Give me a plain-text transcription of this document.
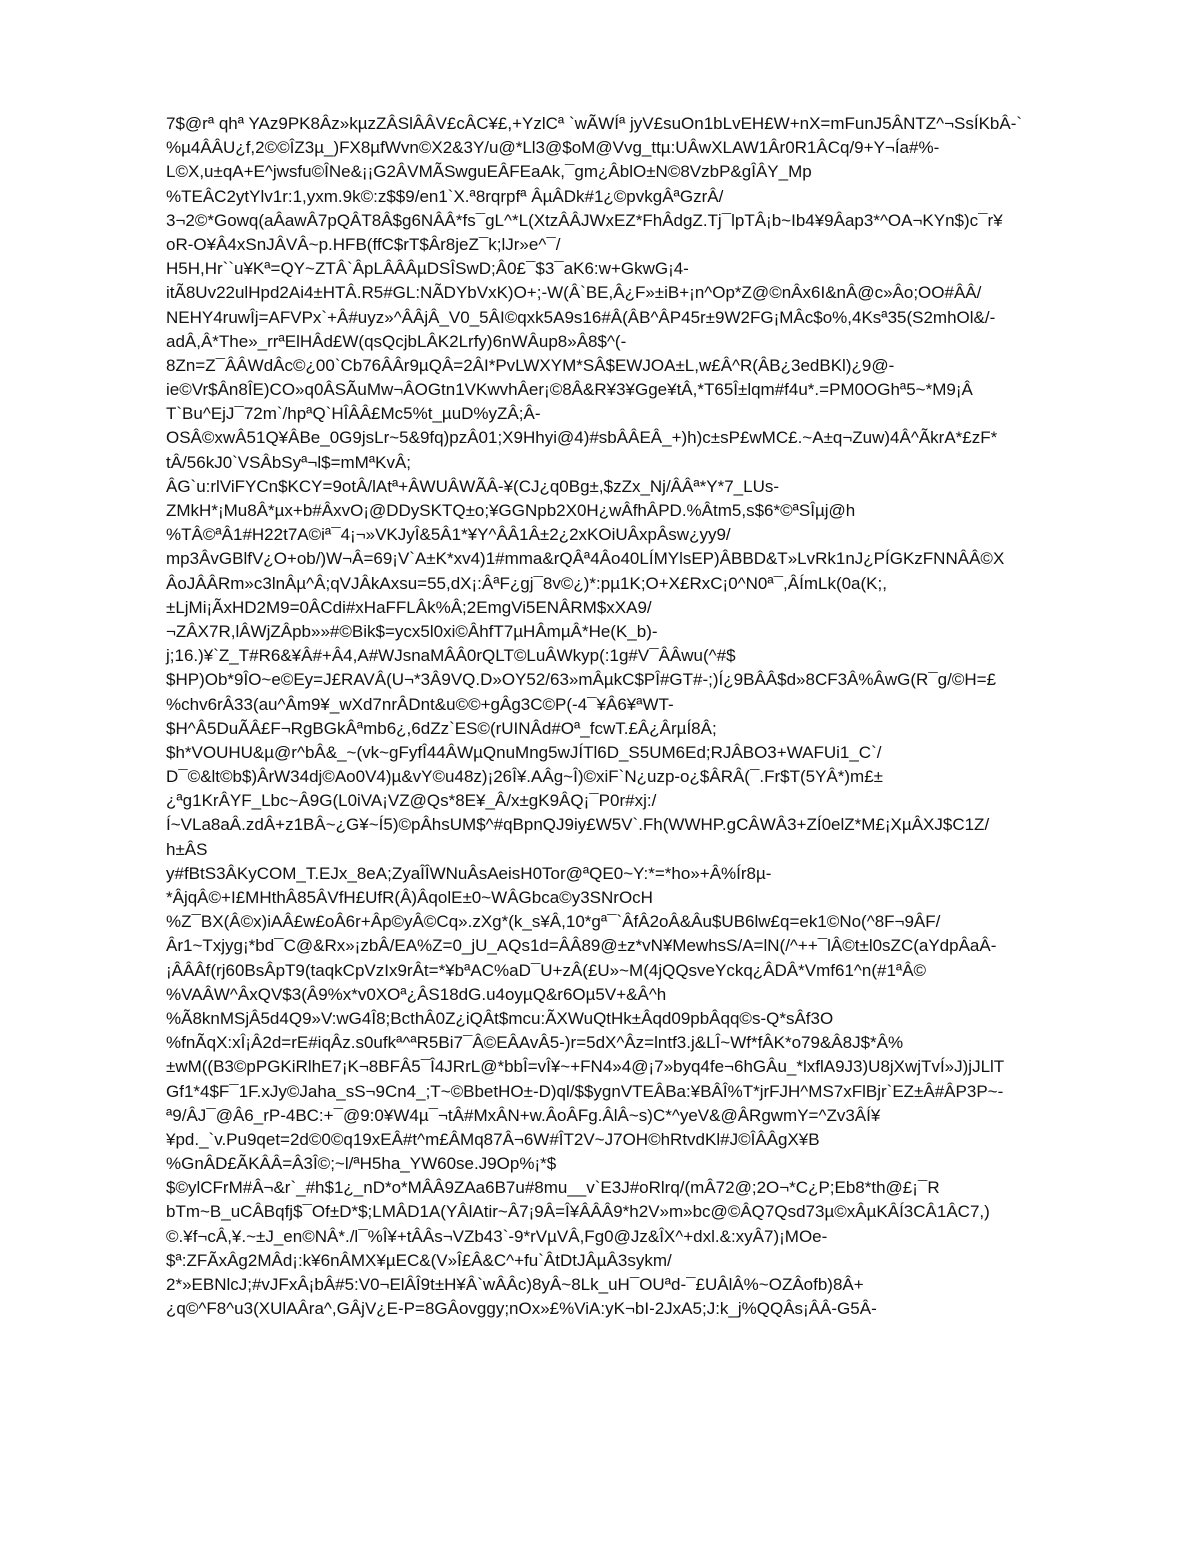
7$@rª qhª YAz9PK8Âz»kµzZÂSlÂÂV£cÂC¥£,+YzlCª `wÃWÍª jyV£suOn1bLvEH£W+nX=mFunJ5ÂNTZ^¬SsÍKbÂ-`
%µ4ÂÂU¿f,2©©ÎZ3µ_)FX8µfWvn©X2&3Y/u@*Ll3@$oM@Vvg_ttµ:UÂwXLAW1Âr0R1ÂCq/9+Y¬Ía#%-
L©X,u±qA+E^jwsfu©ÎNe&¡¡G2ÂVMÃSwguEÂFEaAk,¯gm¿ÂblO±N©8VzbP&gÎÂY_Mp
%TEÂC2ytYlv1r:1,yxm.9k©:z$$9/en1`X.ª8rqrpfª ÂµÂDk#1¿©pvkgÂªGzrÂ/
3¬2©*Gowq(aÂawÂ7pQÂT8Â$g6NÂÂ*fs¯gL^*L(XtzÂÂJWxEZ*FhÂdgZ.Tj¯lpTÂ¡b~Ib4¥9Âap3*^OA¬KYn$)c¯r¥
oR-O¥Â4xSnJÂVÂ~p.HFB(ffC$rT$Âr8jeZ¯k;lJr»e^¯/
H5H,Hr``u¥Kª=QY~ZTÂ`ÂpLÂÂÂµDSÎSwD;Â0£¯$3¯aK6:w+GkwG¡4-
itÃ8Uv22ulHpd2Ai4±HTÂ.R5#GL:NÃDYbVxK)O+;-W(Â`BE,Â¿F»±iB+¡n^Op*Z@©nÂx6I&nÂ@c»Âo;OO#ÂÂ/
NEHY4ruwÎj=AFVPx`+Â#uyz»^ÂÂjÂ_V0_5ÂI©qxk5A9s16#Â(ÂB^ÂP45r±9W2FG¡MÂc$o%,4Ksª35(S2mhOl&/-
adÂ,Â*The»_rrªElHÂd£W(qsQcjbLÂK2Lrfy)6nWÂup8»Â8$^(-
8Zn=Z¯ÂÂWdÂc©¿00`Cb76ÂÂr9µQÂ=2ÂI*PvLWXYM*SÂ$EWJOA±L,w£Â^R(ÂB¿3edBKl)¿9@-
ie©Vr$Ân8ÎE)CO»q0ÂSÃuMw¬ÂOGtn1VKwvhÂer¡©8Â&R¥3¥Gge¥tÂ,*T65Î±lqm#f4u*.=PM0OGhª5~*M9¡Â
T`Bu^EjJ¯72m`/hpªQ`HÎÂÂ£Mc5%t_µuD%yZÂ;Â-
OSÂ©xwÂ51Q¥ÂBe_0G9jsLr~5&9fq)pzÂ01;X9Hhyi@4)#sbÂÂEÂ_+)h)c±sP£wMC£.~A±q¬Zuw)4Â^ÃkrA*£zF*
tÂ/56kJ0`VSÂbSyª¬l$=mMªKvÂ;
ÂG`u:rlViFYCn$KCY=9otÂ/lAtª+ÂWUÂWÃÂ-¥(CJ¿q0Bg±,$zZx_Nj/ÂÂª*Y*7_LUs-
ZMkH*¡Mu8Â*µx+b#ÂxvO¡@DDySKTQ±o;¥GGNpb2X0H¿wÂfhÂPD.%Âtm5,s$6*©ªSÎµj@h
%TÂ©ªÂ1#H22t7A©iª¯4¡¬»VKJyÎ&5Â1*¥Y^ÂÂ1Â±2¿2xKOiUÂxpÂsw¿yy9/
mp3ÂvGBlfV¿O+ob/)W¬Â=69¡V`A±K*xv4)1#mma&rQÂª4Âo40LÍMYlsEP)ÂBBD&T»LvRk1nJ¿PÍGKzFNNÂÂ©X
ÂoJÂÂRm»c3lnÂµ^Â;qVJÂkAxsu=55,dX¡:ÂªF¿gj¯8v©¿)*:pµ1K;O+X£RxC¡0^N0ª¯,ÂÍmLk(0a(K;,
±LjMi¡ÃxHD2M9=0ÂCdi#xHaFFLÂk%Â;2EmgVi5ENÂRM$xXA9/
¬ZÂX7R,lÂWjZÂpb»»#©Bik$=ycx5l0xi©ÂhfT7µHÂmµÂ*He(K_b)-
j;16.)¥`Z_T#R6&¥Â#+Â4,A#WJsnaMÂÂ0rQLT©LuÂWkyp(:1g#V¯ÂÂwu(^#$
$HP)Ob*9ÎO~e©Ey=J£RAVÂ(U¬*3Â9VQ.D»OY52/63»mÂµkC$PÎ#GT#-;)Í¿9BÂÂ$d»8CF3Â%ÂwG(R¯g/©H=£
%chv6rÂ33(au^Âm9¥_wXd7nrÂDnt&u©©+gÂg3C©P(-4¯¥Â6¥ªWT-
$H^Â5DuÃÂ£F¬RgBGkÂªmb6¿,6dZz`ES©(rUINÂd#Oª_fcwT.£Â¿ÂrµÍ8Â;
$h*VOUHU&µ@r^bÂ&_~(vk~gFyfÎ44ÂWµQnuMng5wJÍTl6D_S5UM6Ed;RJÂBO3+WAFUi1_C`/
D¯©&lt©b$)ÂrW34dj©Ao0V4)µ&vY©u48z)¡26Î¥.AÂg~Î)©xiF`N¿uzp-o¿$ÂRÂ(¯.Fr$T(5YÂ*)m£±
¿ªg1KrÂYF_Lbc~Â9G(L0iVA¡VZ@Qs*8E¥_Â/x±gK9ÂQ¡¯P0r#xj:/
Í~VLa8aÂ.zdÂ+z1BÂ~¿G¥~Í5)©pÂhsUM$^#qBpnQJ9iy£W5V`.Fh(WWHP.gCÂWÂ3+ZÍ0elZ*M£¡XµÂXJ$C1Z/
h±ÂS
y#fBtS3ÂKyCOM_T.EJx_8eA;ZyaÎÎWNuÂsAeisH0Tor@ªQE0~Y:*=*ho»+Â%Ír8µ-
*ÂjqÂ©+I£MHthÂ85ÂVfH£UfR(Â)ÂqolE±0~WÂGbca©y3SNrOcH
%Z¯BX(Â©x)iAÂ£w£oÂ6r+Âp©yÂ©Cq».zXg*(k_s¥Â,10*gª¯`ÂfÂ2oÂ&Âu$UB6lw£q=ek1©No(^8F¬9ÂF/
Âr1~Txjyg¡*bd¯C@&Rx»¡zbÂ/EA%Z=0_jU_AQs1d=ÂÂ89@±z*vN¥MewhsS/A=lN(/^++¯lÂ©t±l0sZC(aYdpÂaÂ-
¡ÂÂÂf(rj60BsÂpT9(taqkCpVzIx9rÂt=*¥bªAC%aD¯U+zÂ(£U»~M(4jQQsveYckq¿ÂDÂ*Vmf61^n(#1ªÂ©
%VAÂW^ÂxQV$3(Â9%x*v0XOª¿ÂS18dG.u4oyµQ&r6Oµ5V+&Â^h
%Ã8knMSjÂ5d4Q9»V:wG4Î8;BcthÂ0Z¿iQÂt$mcu:ÃXWuQtHk±Âqd09pbÂqq©s-Q*sÂf3O
%fnÃqX:xÎ¡Â2d=rE#iqÂz.s0ufkª^ªR5Bi7¯Â©EÂAvÂ5-)r=5dX^Âz=lntf3.j&LÎ~Wf*fÂK*o79&Â8J$*Â%
±wM((B3©pPGKiRlhE7¡K¬8BFÂ5¯Î4JRrL@*bbÎ=vÎ¥~+FN4»4@¡7»byq4fe¬6hGÂu_*lxflA9J3)U8jXwjTvÍ»J)jJLlT
Gf1*4$F¯1F.xJy©Jaha_sS¬9Cn4_;T~©BbetHO±-D)ql/$$ygnVTEÂBa:¥BÂÎ%T*jrFJH^MS7xFlBjr`EZ±Â#ÂP3P~-
ª9/ÂJ¯@Â6_rP-4BC:+¯@9:0¥W4µ¯¬tÂ#MxÂN+w.ÂoÂFg.ÂlÂ~s)C*^yeV&@ÂRgwmY=^Zv3ÂÍ¥
¥pd._`v.Pu9qet=2d©0©q19xEÂ#t^m£ÂMq87Â¬6W#ÎT2V~J7OH©hRtvdKl#J©ÎÂÂgX¥B
%GnÂD£ÃKÂÂ=Â3Î©;~l/ªH5ha_YW60se.J9Op%¡*$
$©ylCFrM#Â¬&r`_#h$1¿_nD*o*MÂÂ9ZAa6B7u#8mu__v`E3J#oRlrq/(mÂ72@;2O¬*C¿P;Eb8*th@£¡¯R
bTm~B_uCÂBqfj$¯Of±D*$;LMÂD1A(YÂlAtir~Â7¡9Â=Î¥ÂÂÂ9*h2V»m»bc@©ÂQ7Qsd73µ©xÂµKÂÍ3CÂ1ÂC7,)
©.¥f¬cÂ,¥.~±J_en©NÂ*./l¯%Î¥+tÂÂs¬VZb43`-9*rVµVÂ,Fg0@Jz&ÎX^+dxl.&:xyÂ7)¡MOe-
$ª:ZFÃxÂg2MÂd¡:k¥6nÂMX¥µEC&(V»Î£Â&C^+fu`ÂtDtJÂµÂ3sykm/
2*»EBNlcJ;#vJFxÂ¡bÂ#5:V0¬ElÂÎ9t±H¥Â`wÂÂc)8yÂ~8Lk_uH¯OUªd-¯£UÂlÂ%~OZÂofb)8Â+
¿q©^F8^u3(XUlAÂra^,GÂjV¿E-P=8GÂovggy;nOx»£%ViA:yK¬bI-2JxA5;J:k_j%QQÂs¡ÂÂ-G5Â-
